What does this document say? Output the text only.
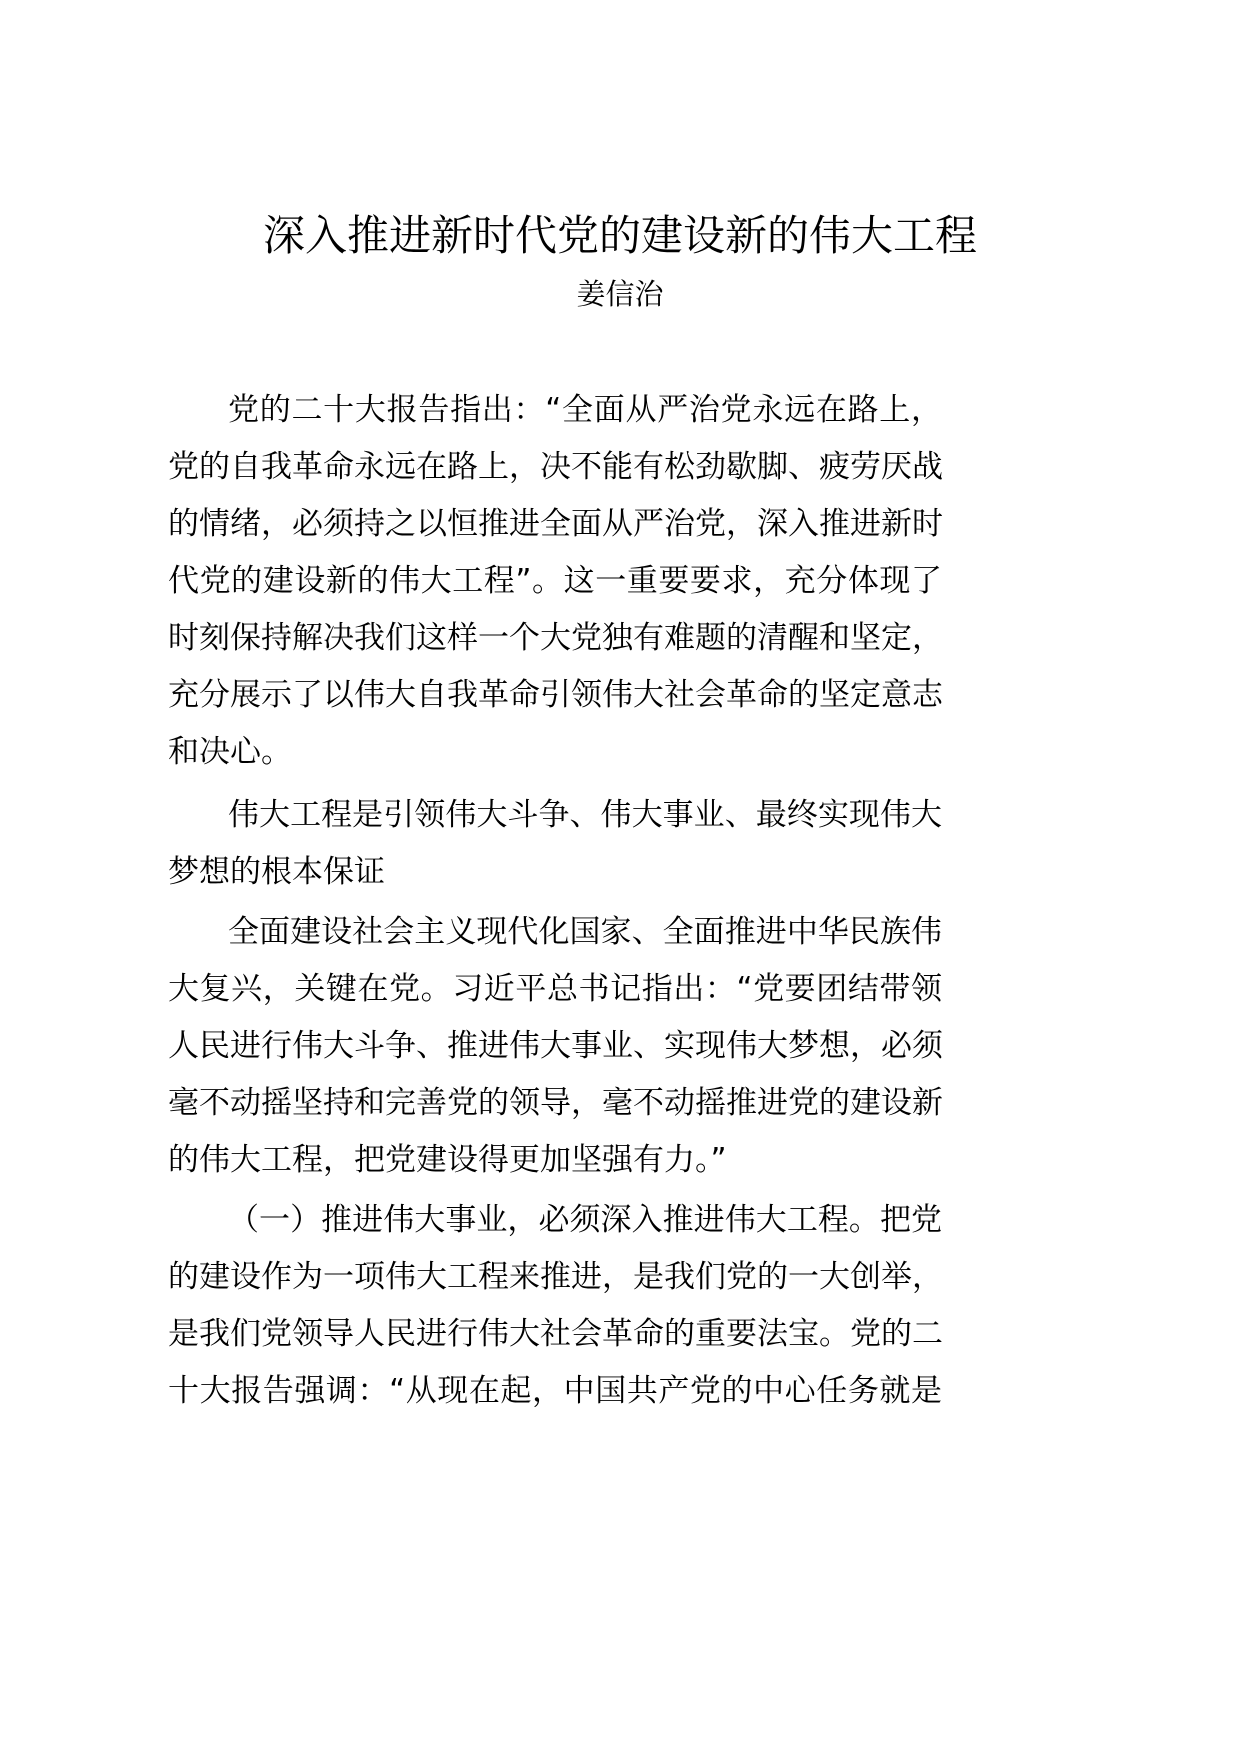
深入推进新时代党的建设新的伟大工程
姜信治
党的二十大报告指出：“全面从严治党永远在路上，
党的自我革命永远在路上，决不能有松劲歇脚、疲劳厌战
的情绪，必须持之以恒推进全面从严治党，深入推进新时
代党的建设新的伟大工程”。这一重要要求，充分体现了
时刻保持解决我们这样一个大党独有难题的清醒和坚定，
充分展示了以伟大自我革命引领伟大社会革命的坚定意志
和决心。
伟大工程是引领伟大斗争、伟大事业、最终实现伟大
梦想的根本保证
全面建设社会主义现代化国家、全面推进中华民族伟
大复兴，关键在党。习近平总书记指出：“党要团结带领
人民进行伟大斗争、推进伟大事业、实现伟大梦想，必须
毫不动摇坚持和完善党的领导，毫不动摇推进党的建设新
的伟大工程，把党建设得更加坚强有力。”
（一）推进伟大事业，必须深入推进伟大工程。把党
的建设作为一项伟大工程来推进，是我们党的一大创举，
是我们党领导人民进行伟大社会革命的重要法宝。党的二
十大报告强调：“从现在起，中国共产党的中心任务就是
